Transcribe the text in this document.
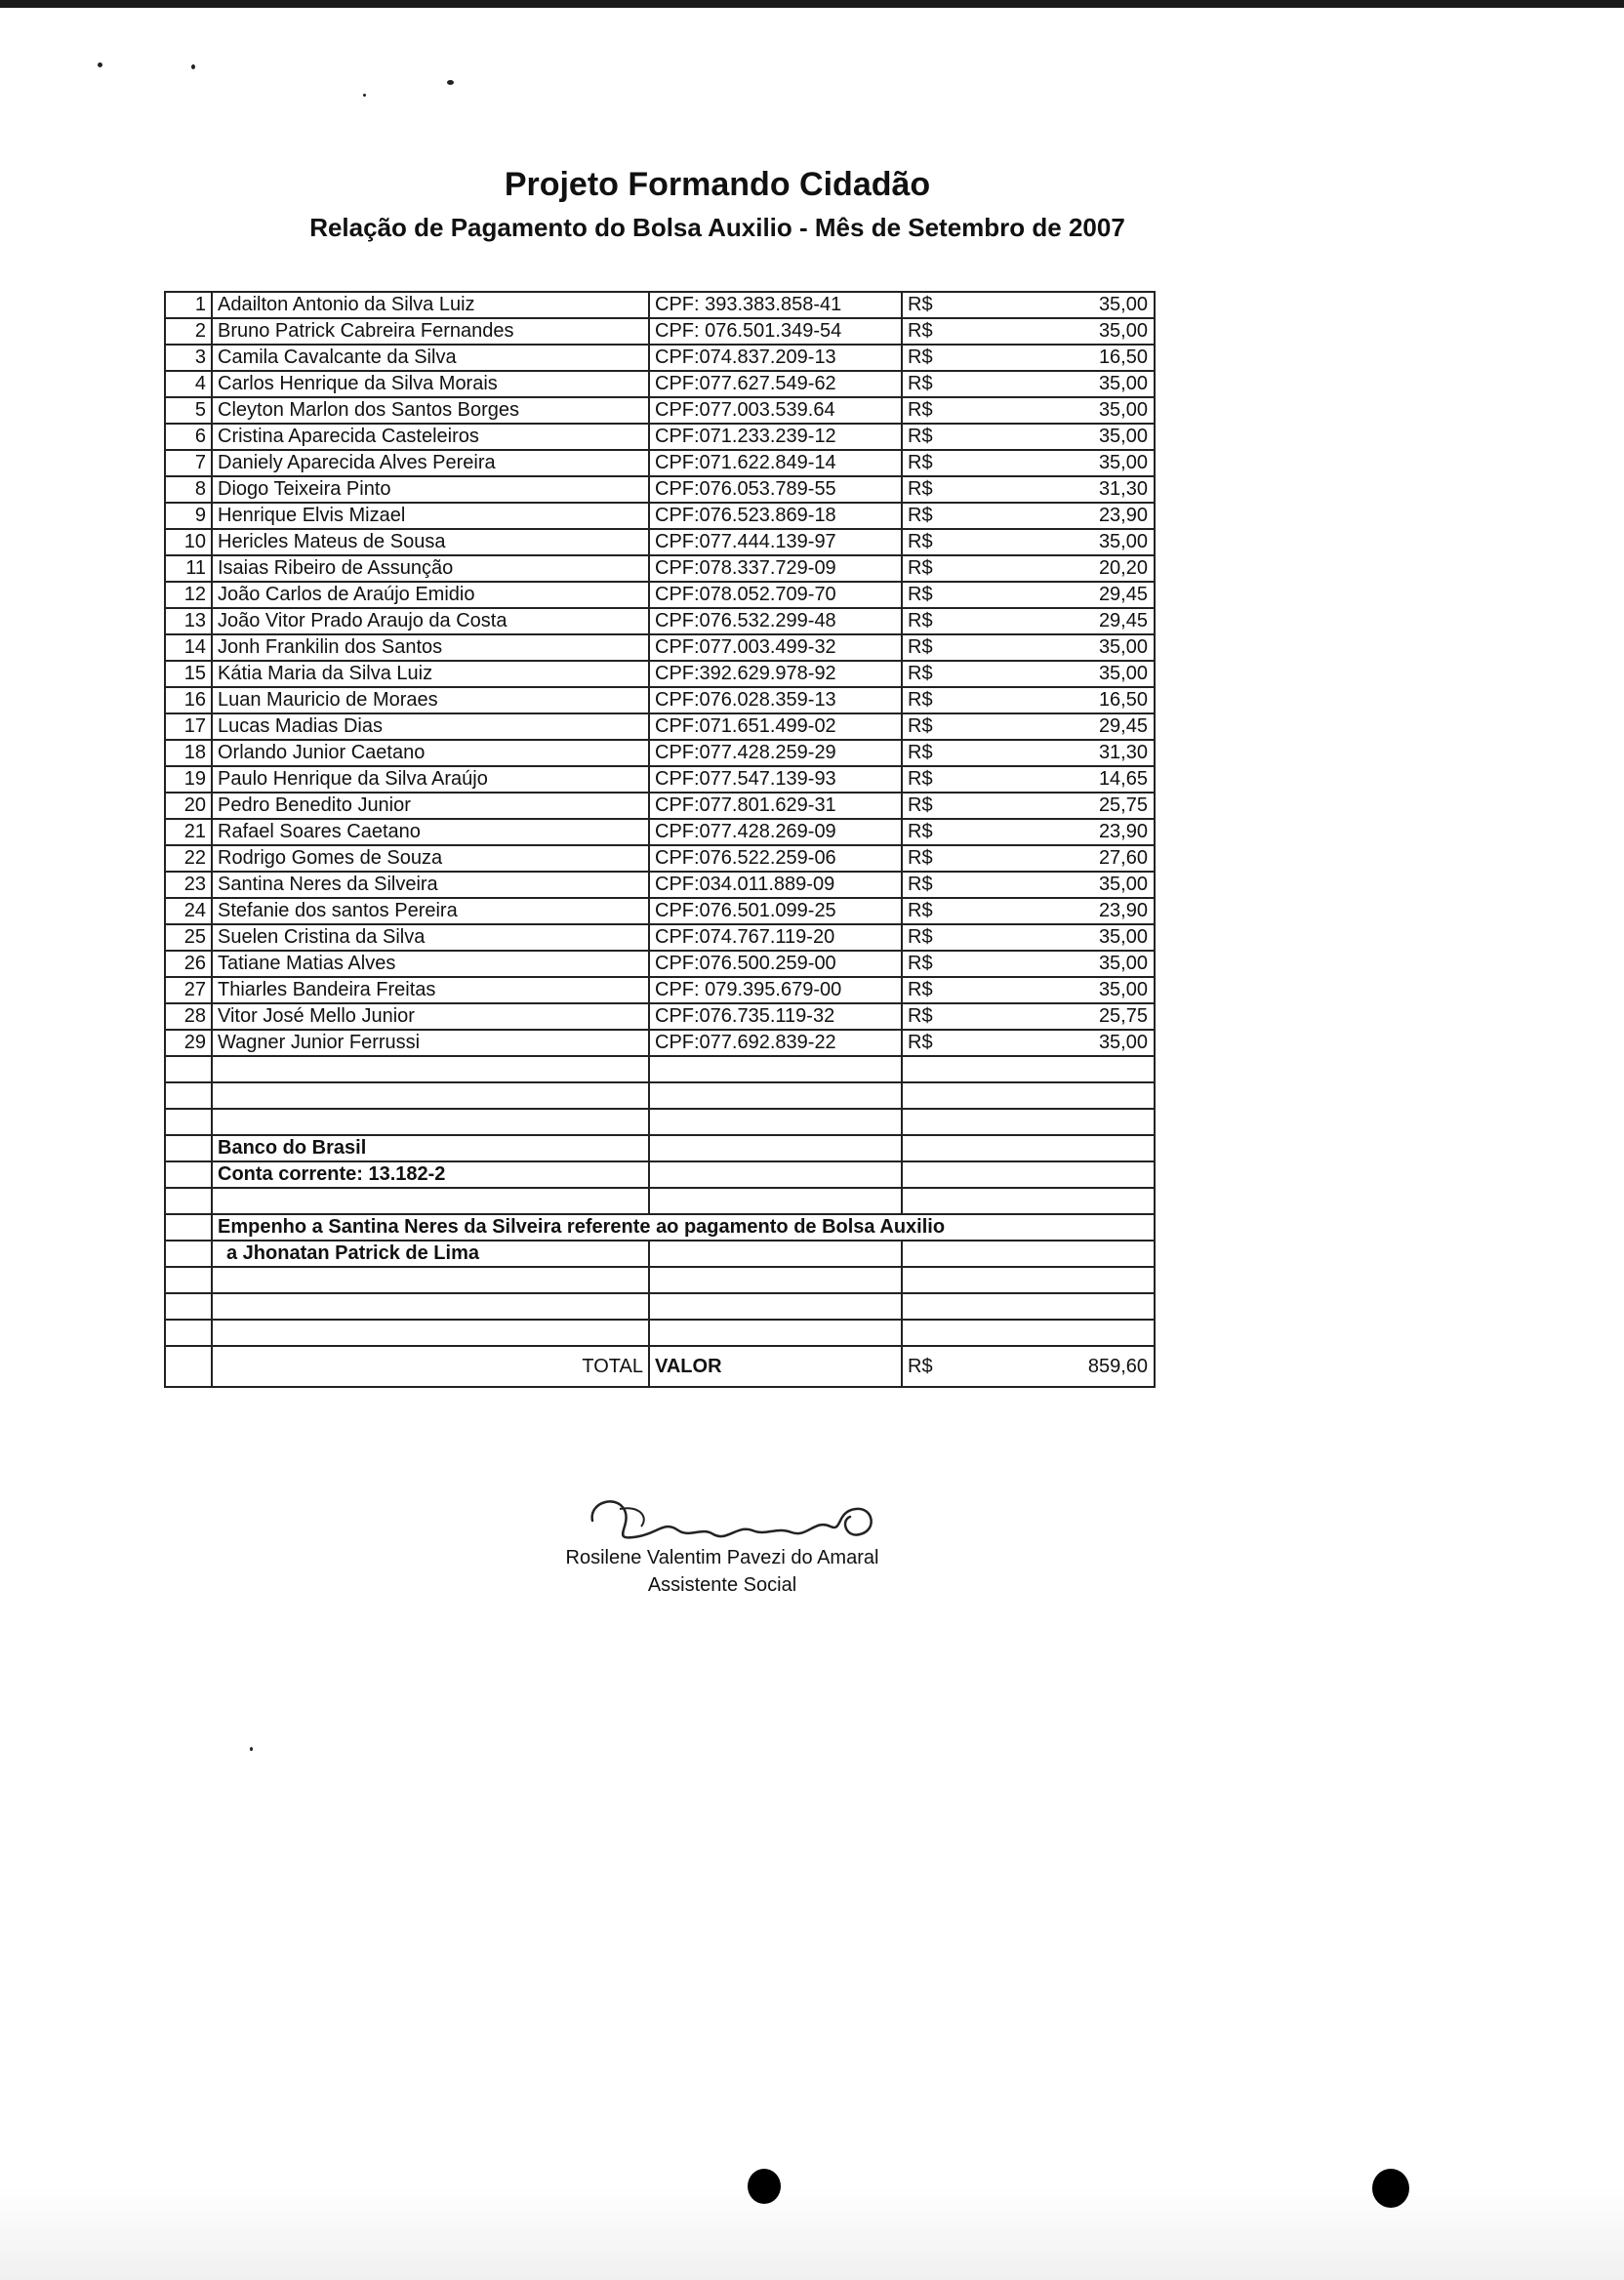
Projeto Formando Cidadão
Relação de Pagamento do Bolsa Auxilio - Mês de Setembro de 2007
1	Adailton Antonio da Silva Luiz	CPF: 393.383.858-41	R$ 35,00

2	Bruno Patrick Cabreira Fernandes	CPF: 076.501.349-54	R$ 35,00

3	Camila Cavalcante da Silva	CPF:074.837.209-13	R$ 16,50

4	Carlos Henrique da Silva Morais	CPF:077.627.549-62	R$ 35,00

5	Cleyton Marlon dos Santos Borges	CPF:077.003.539.64	R$ 35,00

6	Cristina Aparecida Casteleiros	CPF:071.233.239-12	R$ 35,00

7	Daniely Aparecida Alves Pereira	CPF:071.622.849-14	R$ 35,00

8	Diogo Teixeira Pinto	CPF:076.053.789-55	R$ 31,30

9	Henrique Elvis Mizael	CPF:076.523.869-18	R$ 23,90

10	Hericles Mateus de Sousa	CPF:077.444.139-97	R$ 35,00

11	Isaias Ribeiro de Assunção	CPF:078.337.729-09	R$ 20,20

12	João Carlos de Araújo Emidio	CPF:078.052.709-70	R$ 29,45

13	João Vitor Prado Araujo da Costa	CPF:076.532.299-48	R$ 29,45

14	Jonh Frankilin dos Santos	CPF:077.003.499-32	R$ 35,00

15	Kátia Maria da Silva Luiz	CPF:392.629.978-92	R$ 35,00

16	Luan Mauricio de Moraes	CPF:076.028.359-13	R$ 16,50

17	Lucas Madias Dias	CPF:071.651.499-02	R$ 29,45

18	Orlando Junior Caetano	CPF:077.428.259-29	R$ 31,30

19	Paulo Henrique da Silva Araújo	CPF:077.547.139-93	R$ 14,65

20	Pedro Benedito Junior	CPF:077.801.629-31	R$ 25,75

21	Rafael Soares Caetano	CPF:077.428.269-09	R$ 23,90

22	Rodrigo Gomes de Souza	CPF:076.522.259-06	R$ 27,60

23	Santina Neres da Silveira	CPF:034.011.889-09	R$ 35,00

24	Stefanie dos santos Pereira	CPF:076.501.099-25	R$ 23,90

25	Suelen Cristina da Silva	CPF:074.767.119-20	R$ 35,00

26	Tatiane Matias Alves	CPF:076.500.259-00	R$ 35,00

27	Thiarles Bandeira Freitas	CPF: 079.395.679-00	R$ 35,00

28	Vitor José Mello Junior	CPF:076.735.119-32	R$ 25,75

29	Wagner Junior Ferrussi	CPF:077.692.839-22	R$ 35,00

	Banco do Brasil		
	Conta corrente: 13.182-2		

	Empenho a Santina Neres da Silveira referente ao pagamento de Bolsa Auxilio		
	a Jhonatan Patrick de Lima		

	TOTAL	VALOR	R$ 859,60
Rosilene Valentim Pavezi do Amaral
Assistente Social
